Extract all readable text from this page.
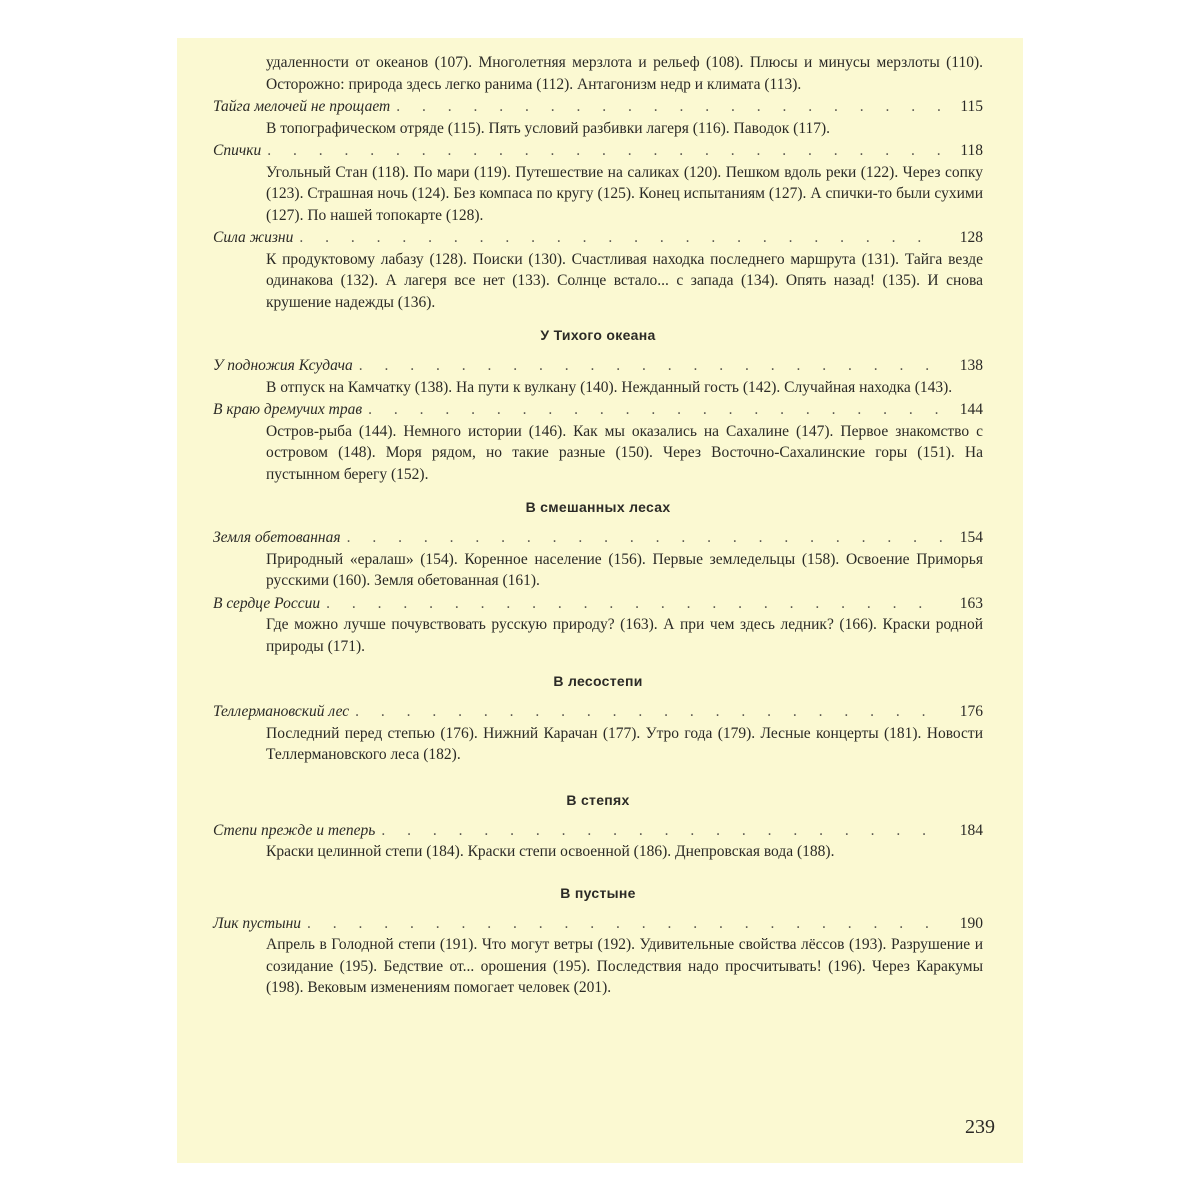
удаленности от океанов (107). Многолетняя мерзлота и рельеф (108). Плюсы и минусы мерзлоты (110). Осторожно: природа здесь легко ранима (112). Антагонизм недр и климата (113).

Тайга мелочей не прощает . . .	115

В топографическом отряде (115). Пять условий разбивки лагеря (116). Паводок (117).

Спички . . .	118

Угольный Стан (118). По мари (119). Путешествие на саликах (120). Пешком вдоль реки (122). Через сопку (123). Страшная ночь (124). Без компаса по кругу (125). Конец испытаниям (127). А спички-то были сухими (127). По нашей топокарте (128).

Сила жизни . . .	128

К продуктовому лабазу (128). Поиски (130). Счастливая находка последнего маршрута (131). Тайга везде одинакова (132). А лагеря все нет (133). Солнце встало... с запада (134). Опять назад! (135). И снова крушение надежды (136).

У Тихого океана
У подножия Ксудача . . .	138

В отпуск на Камчатку (138). На пути к вулкану (140). Нежданный гость (142). Случайная находка (143).

В краю дремучих трав . . .	144

Остров-рыба (144). Немного истории (146). Как мы оказались на Сахалине (147). Первое знакомство с островом (148). Моря рядом, но такие разные (150). Через Восточно-Сахалинские горы (151). На пустынном берегу (152).

В смешанных лесах
Земля обетованная . . .	154

Природный «ералаш» (154). Коренное население (156). Первые земледельцы (158). Освоение Приморья русскими (160). Земля обетованная (161).

В сердце России . . .	163

Где можно лучше почувствовать русскую природу? (163). А при чем здесь ледник? (166). Краски родной природы (171).

В лесостепи
Теллермановский лес . . .	176

Последний перед степью (176). Нижний Карачан (177). Утро года (179). Лесные концерты (181). Новости Теллермановского леса (182).

В степях
Степи прежде и теперь . . .	184

Краски целинной степи (184). Краски степи освоенной (186). Днепровская вода (188).

В пустыне
Лик пустыни . . .	190

Апрель в Голодной степи (191). Что могут ветры (192). Удивительные свойства лёссов (193). Разрушение и созидание (195). Бедствие от... орошения (195). Последствия надо просчитывать! (196). Через Каракумы (198). Вековым изменениям помогает человек (201).

239
